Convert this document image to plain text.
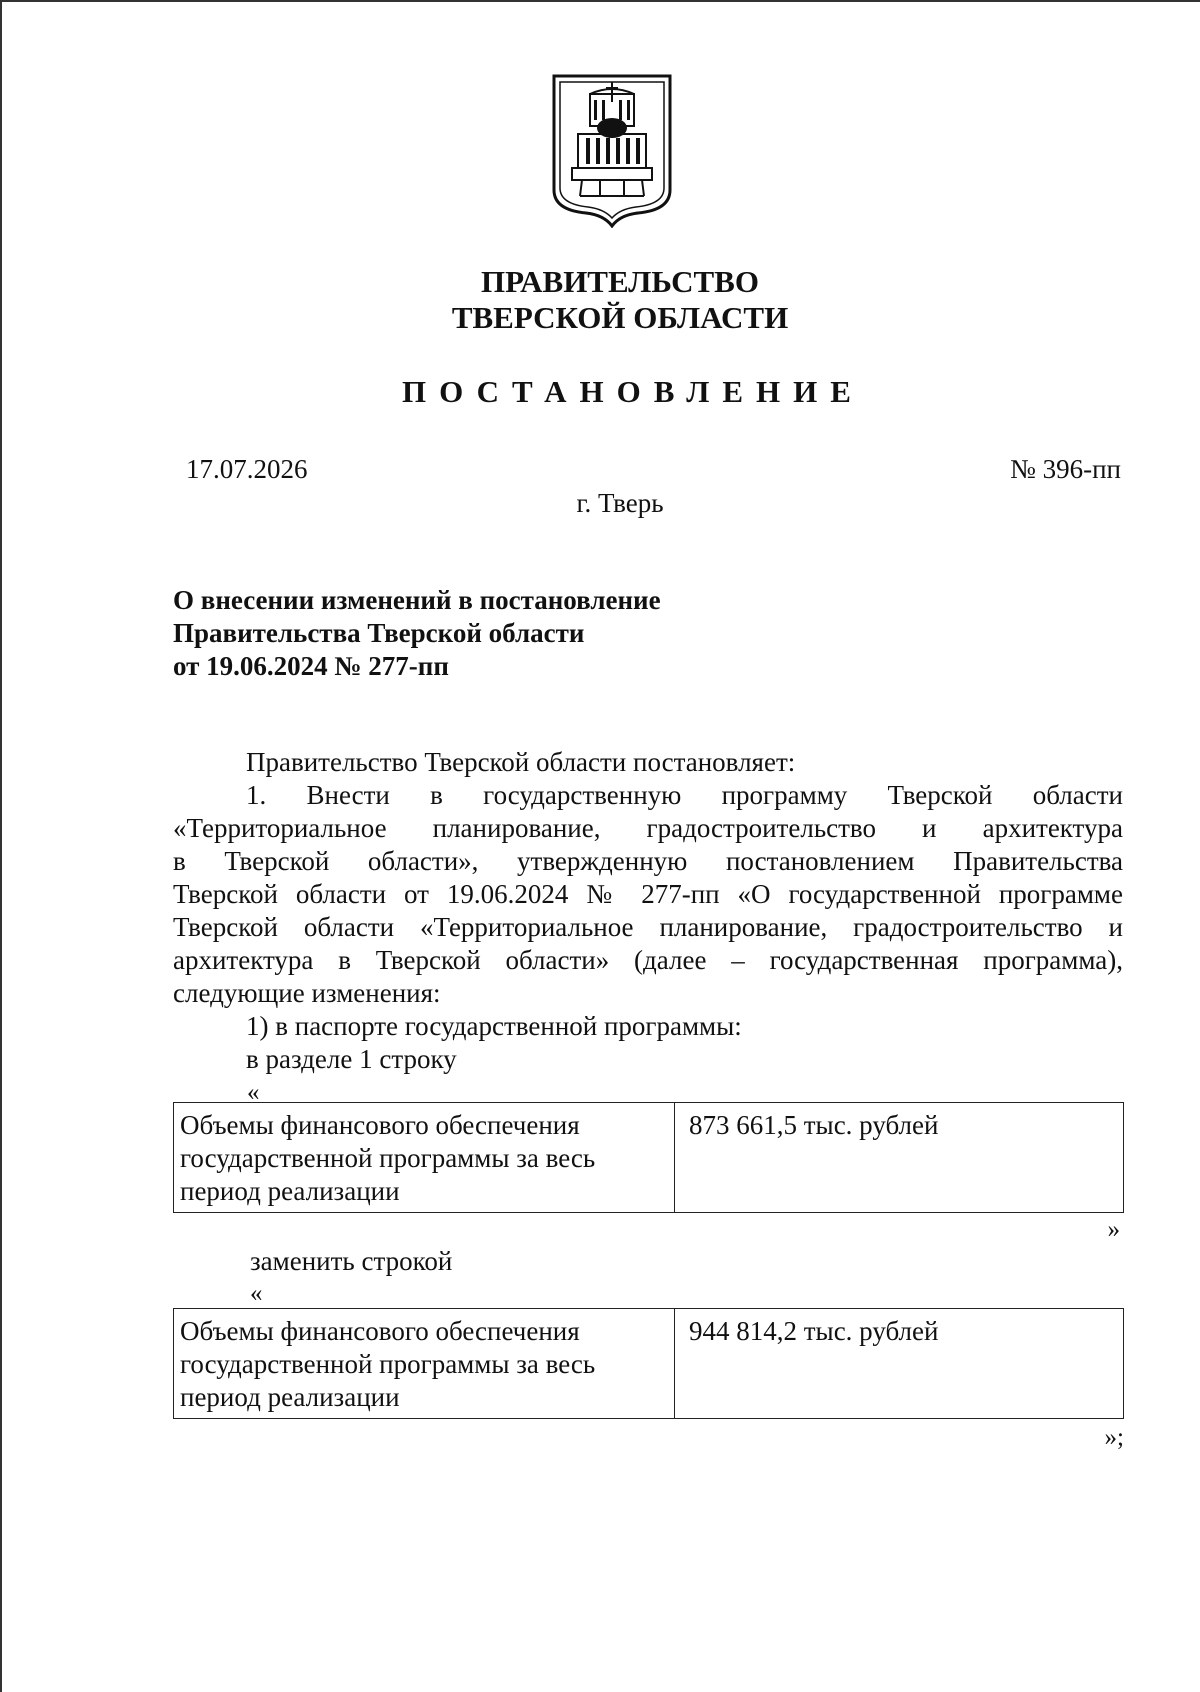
ПРАВИТЕЛЬСТВО
ТВЕРСКОЙ ОБЛАСТИ
ПОСТАНОВЛЕНИЕ
17.07.2026	№ 396-пп
г. Тверь
О внесении изменений в постановление
Правительства Тверской области
от 19.06.2024 № 277-пп
Правительство Тверской области постановляет:
1. Внести в государственную программу Тверской области
«Территориальное планирование, градостроительство и архитектура
в Тверской области», утвержденную постановлением Правительства
Тверской области от 19.06.2024 № 277-пп «О государственной программе
Тверской области «Территориальное планирование, градостроительство и
архитектура в Тверской области» (далее – государственная программа),
следующие изменения:
1) в паспорте государственной программы:
в разделе 1 строку
«
Объемы финансового обеспечения государственной программы за весь период реализации	873 661,5 тыс. рублей
»
заменить строкой
«
Объемы финансового обеспечения государственной программы за весь период реализации	944 814,2 тыс. рублей
»;
